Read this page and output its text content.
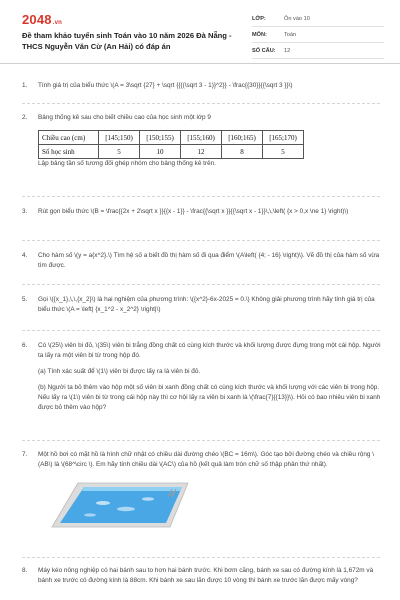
2048.vn
Đề tham khảo tuyển sinh Toán vào 10 năm 2026 Đà Nẵng - THCS Nguyễn Văn Cừ (An Hải) có đáp án
LỚP:	Ôn vào 10
MÔN:	Toán
SỐ CÂU: 12
1.	Tính giá trị của biểu thức \(A = 3\sqrt {27} + \sqrt {{{(\sqrt 3 - 1)}^2}} - \frac{{30}}{{\sqrt 3 }}\)

2.	Bảng thống kê sau cho biết chiều cao của học sinh một lớp 9

Chiều cao (cm)	[145;150)	[150;155)	[155;160)	[160;165)	[165;170)
Số học sinh	5	10	12	8	5

Lập bảng tần số tương đối ghép nhóm cho bảng thống kê trên.

3.	Rút gọn biểu thức \(B = \frac{{2x + 2\sqrt x }}{{x - 1}} - \frac{{\sqrt x }}{{\sqrt x - 1}}\,\,\left( {x > 0,x \ne 1} \right)\)

4.	Cho hàm số \(y = a{x^2}.\) Tìm hệ số a biết đồ thị hàm số đi qua điểm \(A\left( {4; - 16} \right)\). Vẽ đồ thị của hàm số vừa tìm được.

5.	Gọi \({x_1},\,\,{x_2}\) là hai nghiệm của phương trình: \({x^2}-6x-2025 = 0.\) Không giải phương trình hãy tính giá trị của biểu thức \(A = \left| {x_1^2 - x_2^2} \right|\)

6.	Có \(25\) viên bi đỏ, \(35\) viên bi trắng đồng chất có cùng kích thước và khối lượng được đựng trong một cái hộp. Người ta lấy ra một viên bi từ trong hộp đó.

(a) Tính xác suất để \(1\) viên bi được lấy ra là viên bi đỏ.

(b) Người ta bỏ thêm vào hộp một số viên bi xanh đồng chất có cùng kích thước và khối lượng với các viên bi trong hộp. Nếu lấy ra \(1\) viên bi từ trong cái hộp này thì cơ hội lấy ra viên bi xanh là \(\frac{7}{{13}}\). Hỏi có bao nhiêu viên bi xanh được bỏ thêm vào hộp?

7.	Một hồ bơi có mặt hồ là hình chữ nhật có chiều dài đường chéo \(BC = 16m\). Góc tạo bởi đường chéo và chiều rộng \(AB\) là \(68^\circ \). Em hãy tính chiều dài \(AC\) của hồ (kết quả làm tròn chữ số thập phân thứ nhất).

8.	Máy kéo nông nghiệp có hai bánh sau to hơn hai bánh trước. Khi bơm căng, bánh xe sau có đường kính là 1,672m và bánh xe trước có đường kính là 88cm. Khi bánh xe sau lăn được 10 vòng thì bánh xe trước lăn được mấy vòng?
